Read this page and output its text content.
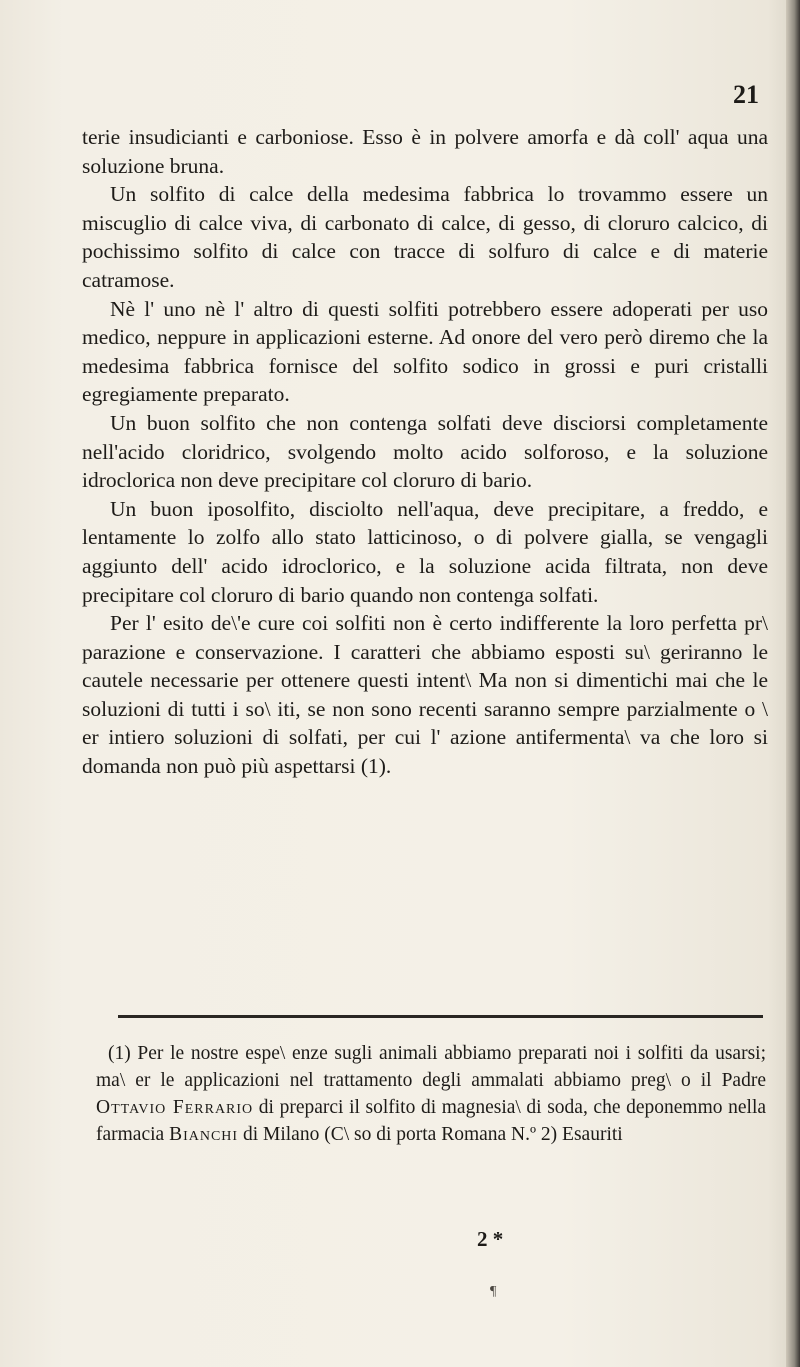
21

terie insudicianti e carboniose. Esso è in polvere amorfa e dà coll' aqua una soluzione bruna.

Un solfito di calce della medesima fabbrica lo trovammo essere un miscuglio di calce viva, di carbonato di calce, di gesso, di cloruro calcico, di pochissimo solfito di calce con tracce di solfuro di calce e di materie catramose.

Nè l' uno nè l' altro di questi solfiti potrebbero essere adoperati per uso medico, neppure in applicazioni esterne. Ad onore del vero però diremo che la medesima fabbrica fornisce del solfito sodico in grossi e puri cristalli egregiamente preparato.

Un buon solfito che non contenga solfati deve disciorsi completamente nell'acido cloridrico, svolgendo molto acido solforoso, e la soluzione idroclorica non deve precipitare col cloruro di bario.

Un buon iposolfito, disciolto nell'aqua, deve precipitare, a freddo, e lentamente lo zolfo allo stato latticinoso, o di polvere gialla, se vengagli aggiunto dell' acido idroclorico, e la soluzione acida filtrata, non deve precipitare col cloruro di bario quando non contenga solfati.

Per l' esito de\'e cure coi solfiti non è certo indifferente la loro perfetta pr\ parazione e conservazione. I caratteri che abbiamo esposti su\ geriranno le cautele necessarie per ottenere questi intent\ Ma non si dimentichi mai che le soluzioni di tutti i so\ iti, se non sono recenti saranno sempre parzialmente o \ er intiero soluzioni di solfati, per cui l' azione antifermenta\ va che loro si domanda non può più aspettarsi (1).

(1) Per le nostre espe\ enze sugli animali abbiamo preparati noi i solfiti da usarsi; ma\ er le applicazioni nel trattamento degli ammalati abbiamo preg\ o il Padre Ottavio Ferrario di preparci il solfito di magnesia\ di soda, che deponemmo nella farmacia Bianchi di Milano (C\ so di porta Romana N.º 2) Esauriti

2 *
¶
